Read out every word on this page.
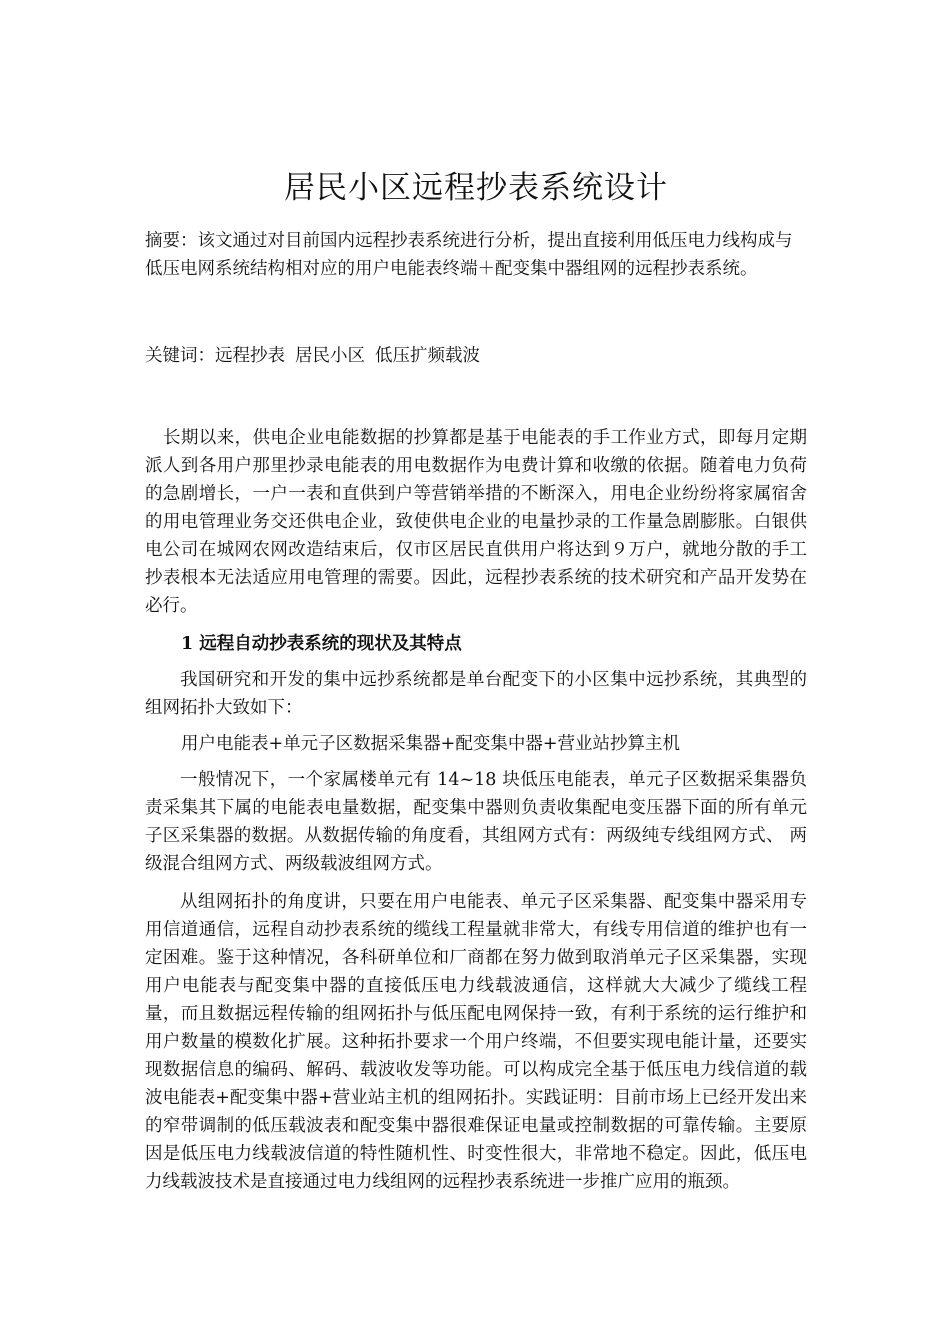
居民小区远程抄表系统设计

摘要：该文通过对目前国内远程抄表系统进行分析，提出直接利用低压电力线构成与低压电网系统结构相对应的用户电能表终端＋配变集中器组网的远程抄表系统。

关键词：远程抄表 居民小区 低压扩频载波

长期以来，供电企业电能数据的抄算都是基于电能表的手工作业方式，即每月定期派人到各用户那里抄录电能表的用电数据作为电费计算和收缴的依据。随着电力负荷的急剧增长，一户一表和直供到户等营销举措的不断深入，用电企业纷纷将家属宿舍的用电管理业务交还供电企业，致使供电企业的电量抄录的工作量急剧膨胀。白银供电公司在城网农网改造结束后，仅市区居民直供用户将达到９万户，就地分散的手工抄表根本无法适应用电管理的需要。因此，远程抄表系统的技术研究和产品开发势在必行。

1 远程自动抄表系统的现状及其特点

我国研究和开发的集中远抄系统都是单台配变下的小区集中远抄系统，其典型的组网拓扑大致如下：

用户电能表+单元子区数据采集器+配变集中器+营业站抄算主机

一般情况下，一个家属楼单元有 14~18 块低压电能表，单元子区数据采集器负责采集其下属的电能表电量数据，配变集中器则负责收集配电变压器下面的所有单元子区采集器的数据。从数据传输的角度看，其组网方式有：两级纯专线组网方式、 两级混合组网方式、两级载波组网方式。

从组网拓扑的角度讲，只要在用户电能表、单元子区采集器、配变集中器采用专用信道通信，远程自动抄表系统的缆线工程量就非常大，有线专用信道的维护也有一定困难。鉴于这种情况，各科研单位和厂商都在努力做到取消单元子区采集器，实现用户电能表与配变集中器的直接低压电力线载波通信，这样就大大减少了缆线工程量，而且数据远程传输的组网拓扑与低压配电网保持一致，有利于系统的运行维护和用户数量的模数化扩展。这种拓扑要求一个用户终端，不但要实现电能计量，还要实现数据信息的编码、解码、载波收发等功能。可以构成完全基于低压电力线信道的载波电能表+配变集中器+营业站主机的组网拓扑。实践证明：目前市场上已经开发出来的窄带调制的低压载波表和配变集中器很难保证电量或控制数据的可靠传输。主要原因是低压电力线载波信道的特性随机性、时变性很大，非常地不稳定。因此，低压电力线载波技术是直接通过电力线组网的远程抄表系统进一步推广应用的瓶颈。
